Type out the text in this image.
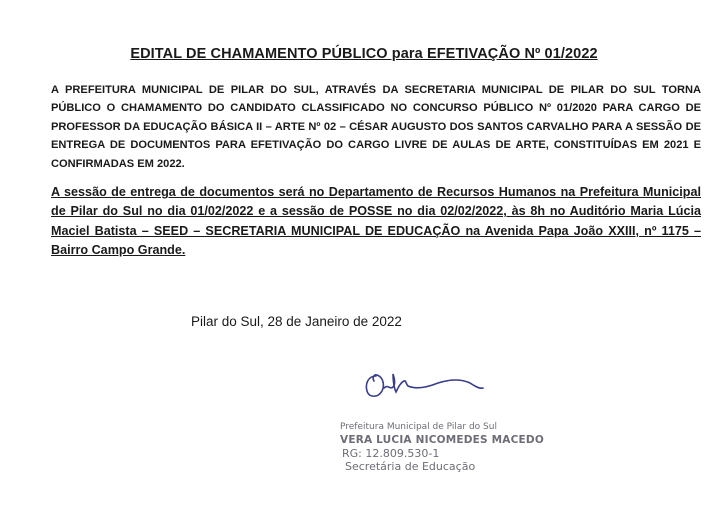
EDITAL DE CHAMAMENTO PÚBLICO para EFETIVAÇÃO Nº 01/2022
A PREFEITURA MUNICIPAL DE PILAR DO SUL, ATRAVÉS DA SECRETARIA MUNICIPAL DE PILAR DO SUL TORNA PÚBLICO O CHAMAMENTO DO CANDIDATO CLASSIFICADO NO CONCURSO PÚBLICO Nº 01/2020 PARA CARGO DE PROFESSOR DA EDUCAÇÃO BÁSICA II – ARTE Nº 02 – CÉSAR AUGUSTO DOS SANTOS CARVALHO PARA A SESSÃO DE ENTREGA DE DOCUMENTOS PARA EFETIVAÇÃO DO CARGO LIVRE DE AULAS DE ARTE, CONSTITUÍDAS EM 2021 E CONFIRMADAS EM 2022.
A sessão de entrega de documentos será no Departamento de Recursos Humanos na Prefeitura Municipal de Pilar do Sul no dia 01/02/2022 e a sessão de POSSE no dia 02/02/2022, às 8h no Auditório Maria Lúcia Maciel Batista – SEED – SECRETARIA MUNICIPAL DE EDUCAÇÃO na Avenida Papa João XXIII, nº 1175 – Bairro Campo Grande.
Pilar do Sul, 28 de Janeiro de 2022
Prefeitura Municipal de Pilar do Sul
VERA LUCIA NICOMEDES MACEDO
RG: 12.809.530-1
Secretária de Educação
